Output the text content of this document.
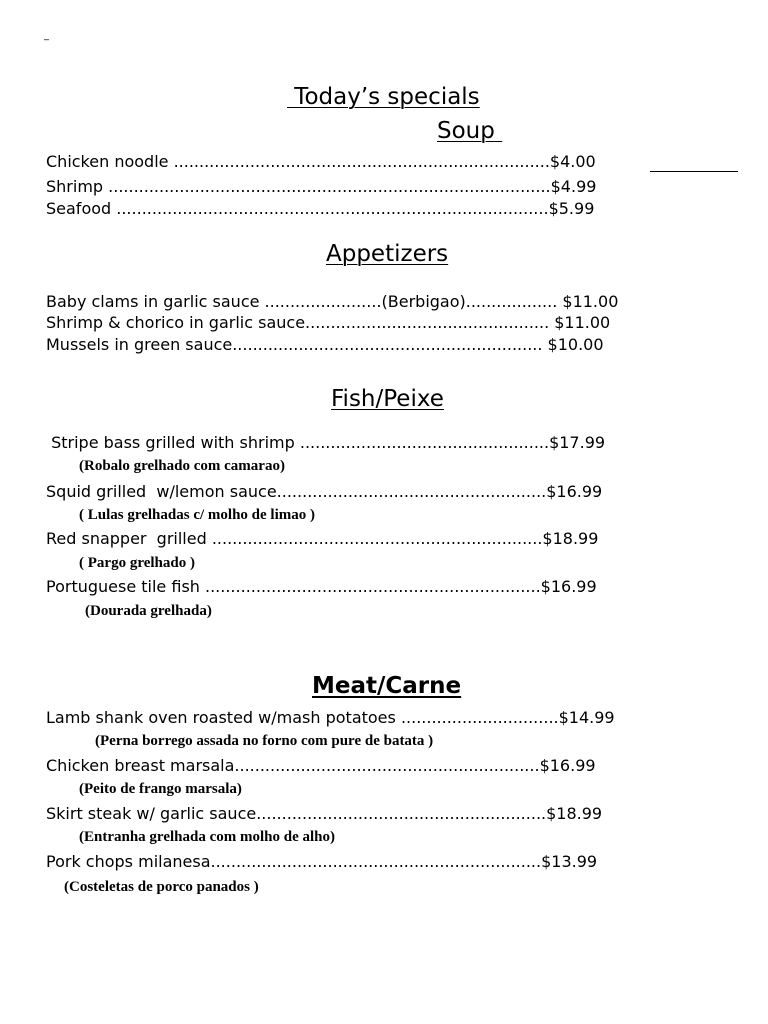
_
Today’s specials
Soup
Chicken noodle ..........................................................................$4.00
Shrimp .......................................................................................$4.99
Seafood .....................................................................................$5.99
Appetizers
Baby clams in garlic sauce .......................(Berbigao).................. $11.00
Shrimp & chorico in garlic sauce................................................ $11.00
Mussels in green sauce............................................................. $10.00
Fish/Peixe
Stripe bass grilled with shrimp .................................................$17.99
(Robalo grelhado com camarao)
Squid grilled  w/lemon sauce.....................................................$16.99
( Lulas grelhadas c/ molho de limao )
Red snapper  grilled .................................................................$18.99
( Pargo grelhado )
Portuguese tile fish ..................................................................$16.99
(Dourada grelhada)
Meat/Carne
Lamb shank oven roasted w/mash potatoes ...............................$14.99
(Perna borrego assada no forno com pure de batata )
Chicken breast marsala............................................................$16.99
(Peito de frango marsala)
Skirt steak w/ garlic sauce.........................................................$18.99
(Entranha grelhada com molho de alho)
Pork chops milanesa.................................................................$13.99
(Costeletas de porco panados )
